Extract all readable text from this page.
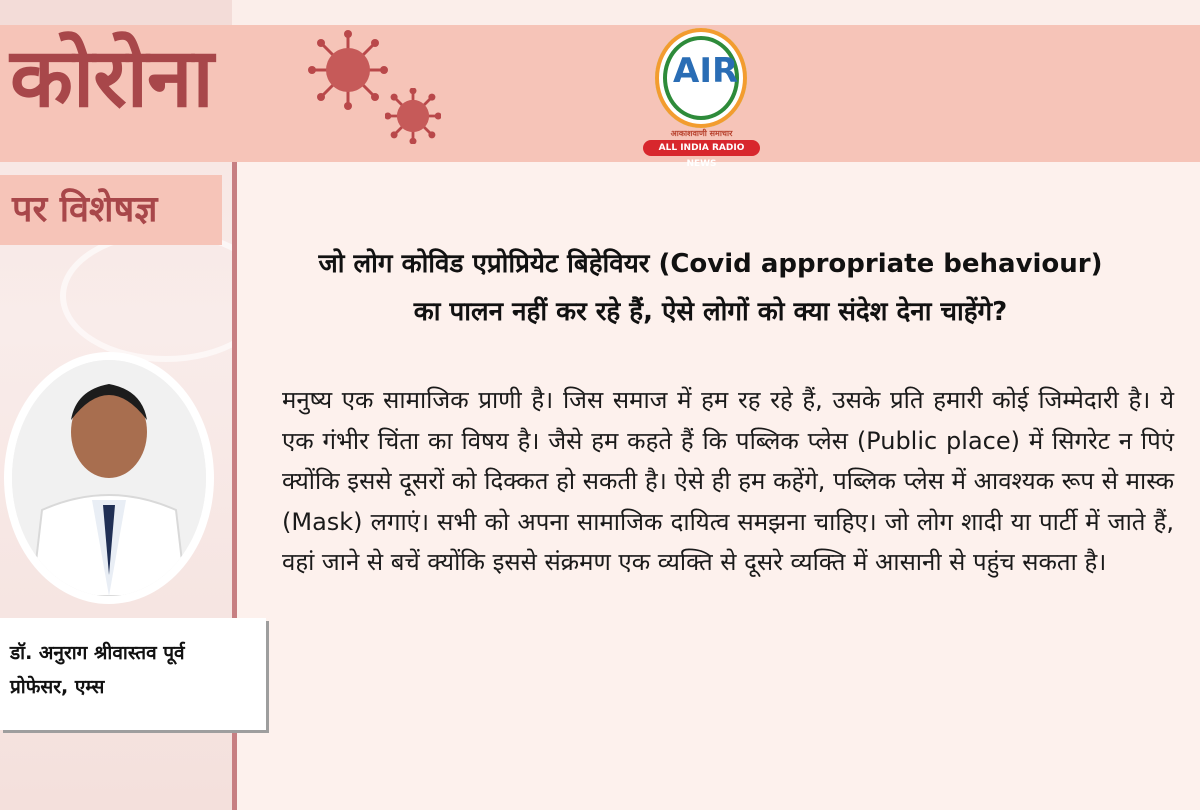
कोरोना
पर विशेषज्ञ
AIR
आकाशवाणी समाचार
ALL INDIA RADIO NEWS
जो लोग कोविड एप्रोप्रियेट बिहेवियर (Covid appropriate behaviour)
का पालन नहीं कर रहे हैं, ऐसे लोगों को क्या संदेश देना चाहेंगे?
मनुष्य एक सामाजिक प्राणी है। जिस समाज में हम रह रहे हैं, उसके प्रति हमारी कोई जिम्मेदारी है। ये एक गंभीर चिंता का विषय है। जैसे हम कहते हैं कि पब्लिक प्लेस (Public place) में सिगरेट न पिएं क्योंकि इससे दूसरों को दिक्कत हो सकती है। ऐसे ही हम कहेंगे, पब्लिक प्लेस में आवश्यक रूप से मास्क (Mask) लगाएं। सभी को अपना सामाजिक दायित्व समझना चाहिए। जो लोग शादी या पार्टी में जाते हैं, वहां जाने से बचें क्योंकि इससे संक्रमण एक व्यक्ति से दूसरे व्यक्ति में आसानी से पहुंच सकता है।
डॉ. अनुराग श्रीवास्तव पूर्व
प्रोफेसर, एम्स
